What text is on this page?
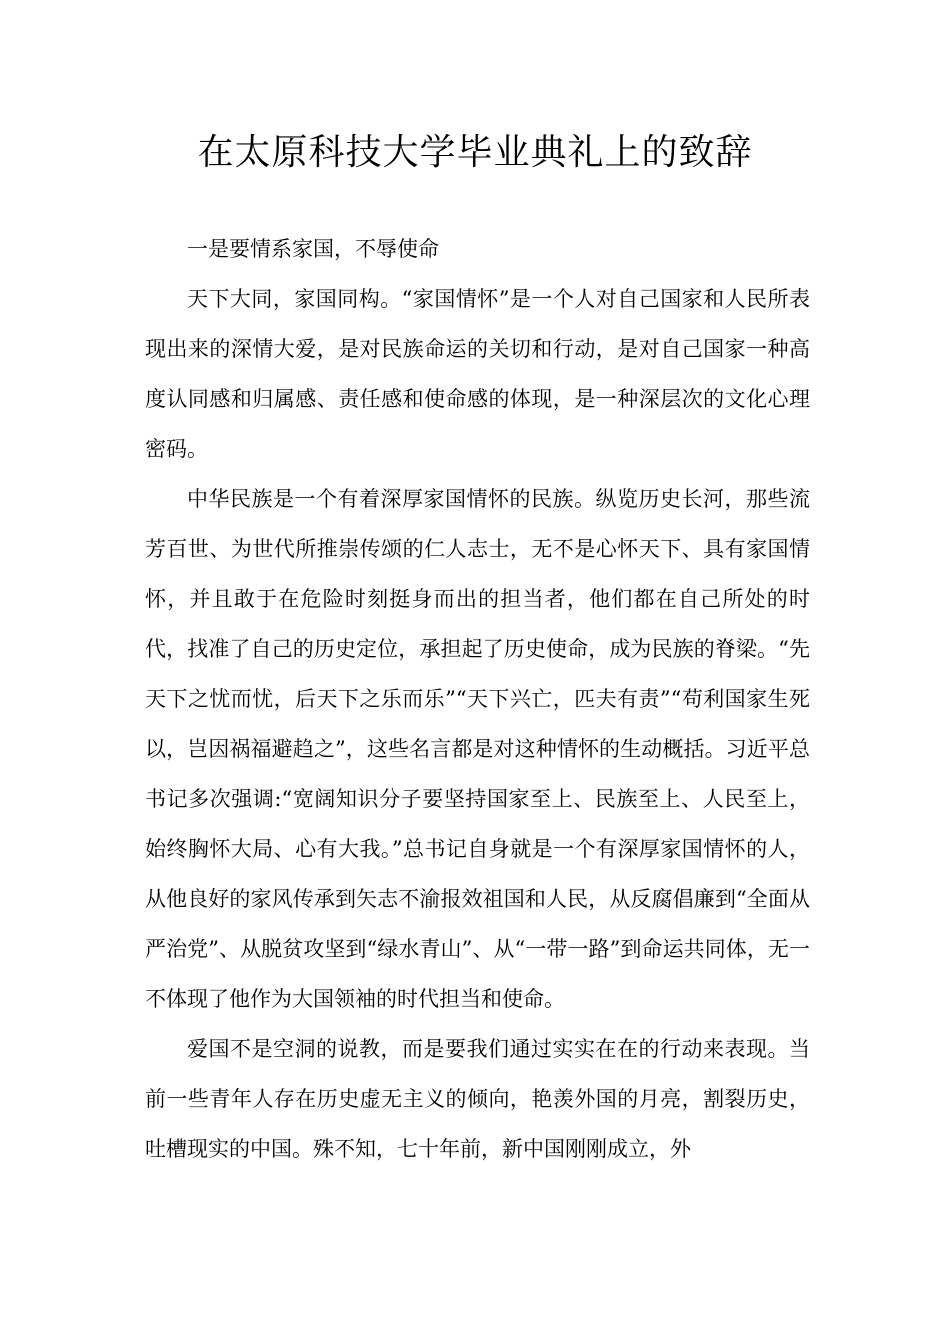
在太原科技大学毕业典礼上的致辞

一是要情系家国，不辱使命

天下大同，家国同构。“家国情怀”是一个人对自己国家和人民所表现出来的深情大爱，是对民族命运的关切和行动，是对自己国家一种高度认同感和归属感、责任感和使命感的体现，是一种深层次的文化心理密码。

中华民族是一个有着深厚家国情怀的民族。纵览历史长河，那些流芳百世、为世代所推崇传颂的仁人志士，无不是心怀天下、具有家国情怀，并且敢于在危险时刻挺身而出的担当者，他们都在自己所处的时代，找准了自己的历史定位，承担起了历史使命，成为民族的脊梁。“先天下之忧而忧，后天下之乐而乐”“天下兴亡，匹夫有责”“苟利国家生死以，岂因祸福避趋之”，这些名言都是对这种情怀的生动概括。习近平总书记多次强调:“宽阔知识分子要坚持国家至上、民族至上、人民至上，始终胸怀大局、心有大我。”总书记自身就是一个有深厚家国情怀的人，从他良好的家风传承到矢志不渝报效祖国和人民，从反腐倡廉到“全面从严治党”、从脱贫攻坚到“绿水青山”、从“一带一路”到命运共同体，无一不体现了他作为大国领袖的时代担当和使命。

爱国不是空洞的说教，而是要我们通过实实在在的行动来表现。当前一些青年人存在历史虚无主义的倾向，艳羡外国的月亮，割裂历史，吐槽现实的中国。殊不知，七十年前，新中国刚刚成立，外
